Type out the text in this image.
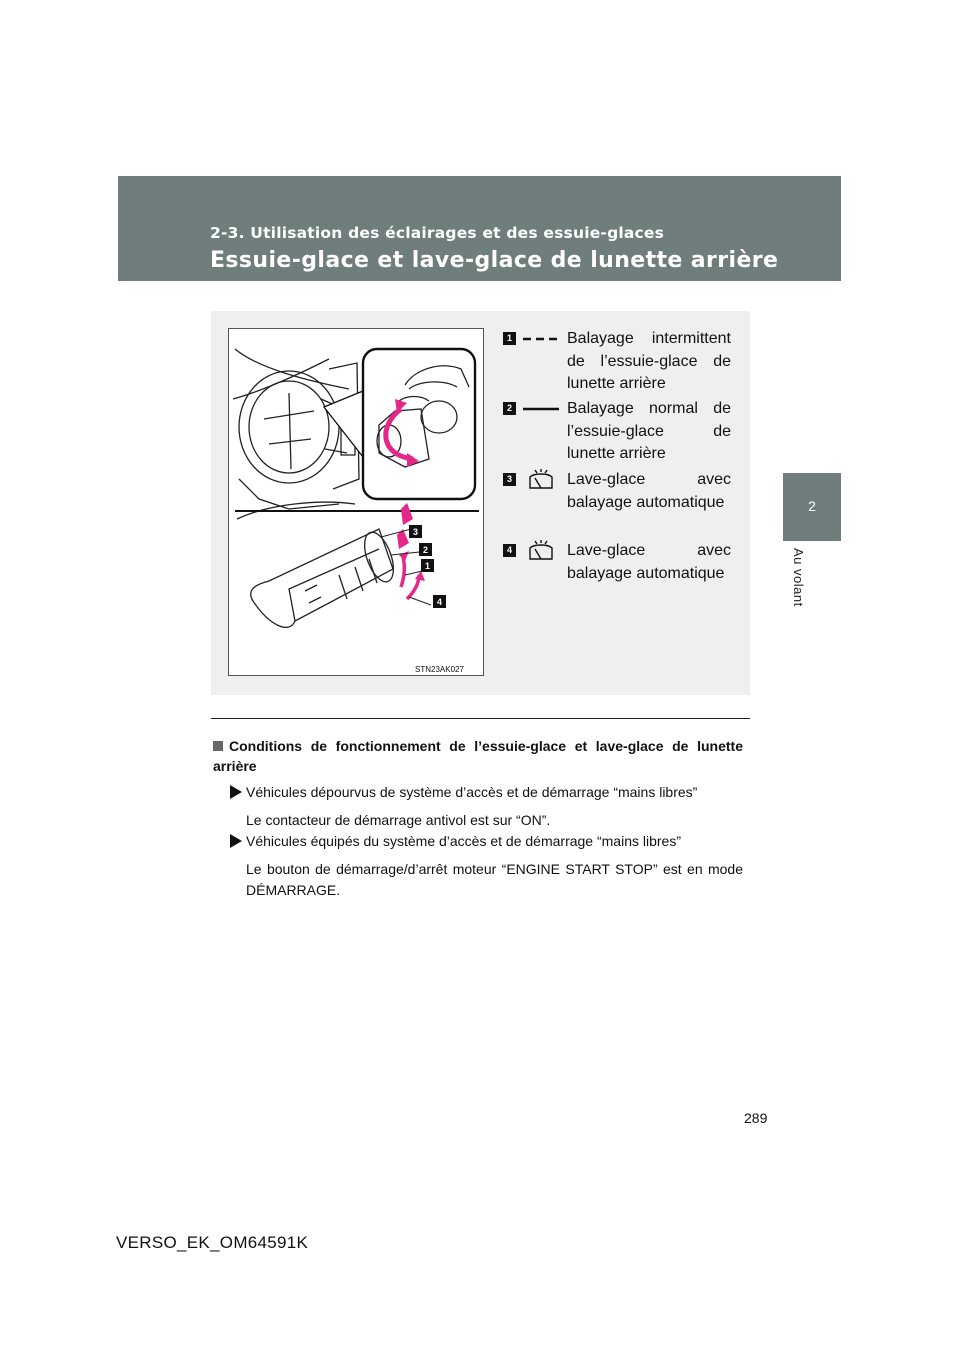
2-3. Utilisation des éclairages et des essuie-glaces
Essuie-glace et lave-glace de lunette arrière
2
Au volant
3
2
1
4
STN23AK027
1	Balayage intermittent de l’essuie-glace de lunette arrière
2	Balayage normal de l’essuie-glace de lunette arrière
3	Lave-glace avec balayage automatique
4	Lave-glace avec balayage automatique
Conditions de fonctionnement de l’essuie-glace et lave-glace de lunette arrière
Véhicules dépourvus de système d’accès et de démarrage “mains libres”
Le contacteur de démarrage antivol est sur “ON”.
Véhicules équipés du système d’accès et de démarrage “mains libres”
Le bouton de démarrage/d’arrêt moteur “ENGINE START STOP” est en mode DÉMARRAGE.
289
VERSO_EK_OM64591K
